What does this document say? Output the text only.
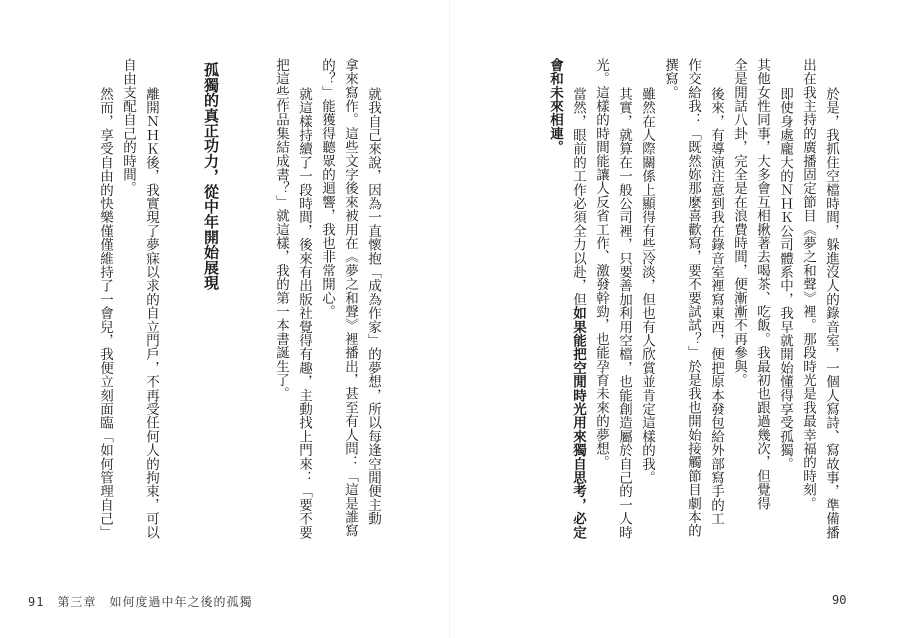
於是，我抓住空檔時間，躲進沒人的錄音室，一個人寫詩、寫故事，準備播
出在我主持的廣播固定節目《夢之和聲》裡。那段時光是我最幸福的時刻。
即使身處龐大的ＮＨＫ公司體系中，我早就開始懂得享受孤獨。
其他女性同事，大多會互相揪著去喝茶、吃飯。我最初也跟過幾次，但覺得
全是閒話八卦，完全是在浪費時間，便漸漸不再參與。
後來，有導演注意到我在錄音室裡寫東西，便把原本發包給外部寫手的工
作交給我：「既然妳那麼喜歡寫，要不要試試？」於是我也開始接觸節目劇本的
撰寫。
雖然在人際關係上顯得有些冷淡，但也有人欣賞並肯定這樣的我。
其實，就算在一般公司裡，只要善加利用空檔，也能創造屬於自己的一人時
光。這樣的時間能讓人反省工作、激發幹勁，也能孕育未來的夢想。
當然，眼前的工作必須全力以赴，但如果能把空閒時光用來獨自思考，必定
會和未來相連。
就我自己來說，因為一直懷抱「成為作家」的夢想，所以每逢空閒便主動
拿來寫作。這些文字後來被用在《夢之和聲》裡播出，甚至有人問：「這是誰寫
的？」能獲得聽眾的迴響，我也非常開心。
就這樣持續了一段時間，後來有出版社覺得有趣，主動找上門來：「要不要
把這些作品集結成書？」就這樣，我的第一本書誕生了。
孤獨的真正功力，從中年開始展現
離開ＮＨＫ後，我實現了夢寐以求的自立門戶，不再受任何人的拘束，可以
自由支配自己的時間。
然而，享受自由的快樂僅僅維持了一會兒，我便立刻面臨「如何管理自己」
91　第三章　如何度過中年之後的孤獨	90
